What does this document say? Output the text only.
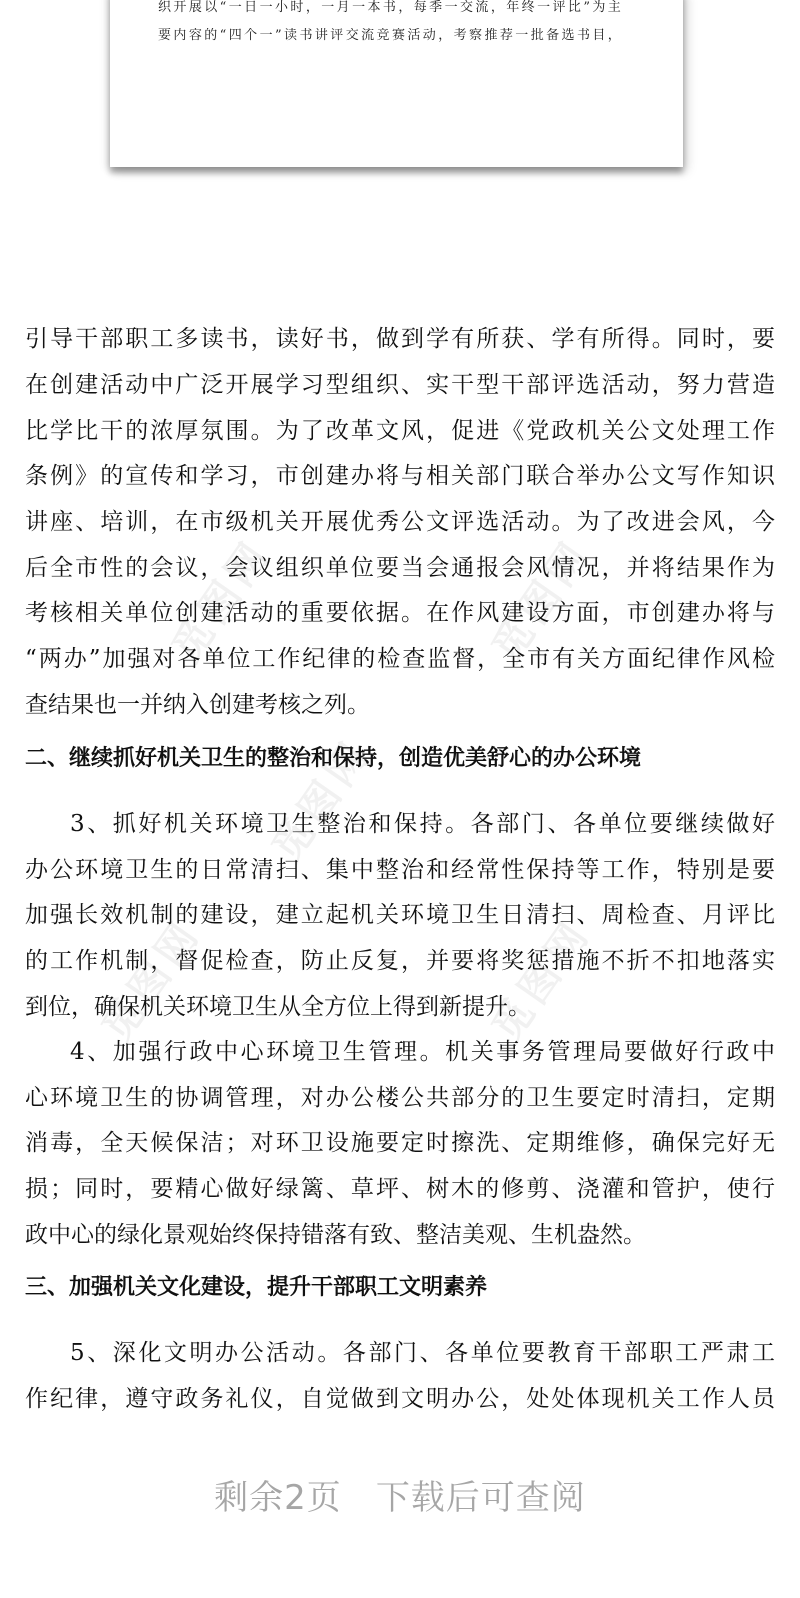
织开展以“一日一小时，一月一本书，每季一交流，年终一评比”为主
要内容的“四个一”读书讲评交流竞赛活动，考察推荐一批备选书目，
觅图网	觅图网
觅图网
觅图网	觅图网
引导干部职工多读书，读好书，做到学有所获、学有所得。同时，要
在创建活动中广泛开展学习型组织、实干型干部评选活动，努力营造
比学比干的浓厚氛围。为了改革文风，促进《党政机关公文处理工作
条例》的宣传和学习，市创建办将与相关部门联合举办公文写作知识
讲座、培训，在市级机关开展优秀公文评选活动。为了改进会风，今
后全市性的会议，会议组织单位要当会通报会风情况，并将结果作为
考核相关单位创建活动的重要依据。在作风建设方面，市创建办将与
“两办”加强对各单位工作纪律的检查监督，全市有关方面纪律作风检
查结果也一并纳入创建考核之列。
二、继续抓好机关卫生的整治和保持，创造优美舒心的办公环境
3、抓好机关环境卫生整治和保持。各部门、各单位要继续做好
办公环境卫生的日常清扫、集中整治和经常性保持等工作，特别是要
加强长效机制的建设，建立起机关环境卫生日清扫、周检查、月评比
的工作机制，督促检查，防止反复，并要将奖惩措施不折不扣地落实
到位，确保机关环境卫生从全方位上得到新提升。
4、加强行政中心环境卫生管理。机关事务管理局要做好行政中
心环境卫生的协调管理，对办公楼公共部分的卫生要定时清扫，定期
消毒，全天候保洁；对环卫设施要定时擦洗、定期维修，确保完好无
损；同时，要精心做好绿篱、草坪、树木的修剪、浇灌和管护，使行
政中心的绿化景观始终保持错落有致、整洁美观、生机盎然。
三、加强机关文化建设，提升干部职工文明素养
5、深化文明办公活动。各部门、各单位要教育干部职工严肃工
作纪律，遵守政务礼仪，自觉做到文明办公，处处体现机关工作人员
剩余2页 下载后可查阅
